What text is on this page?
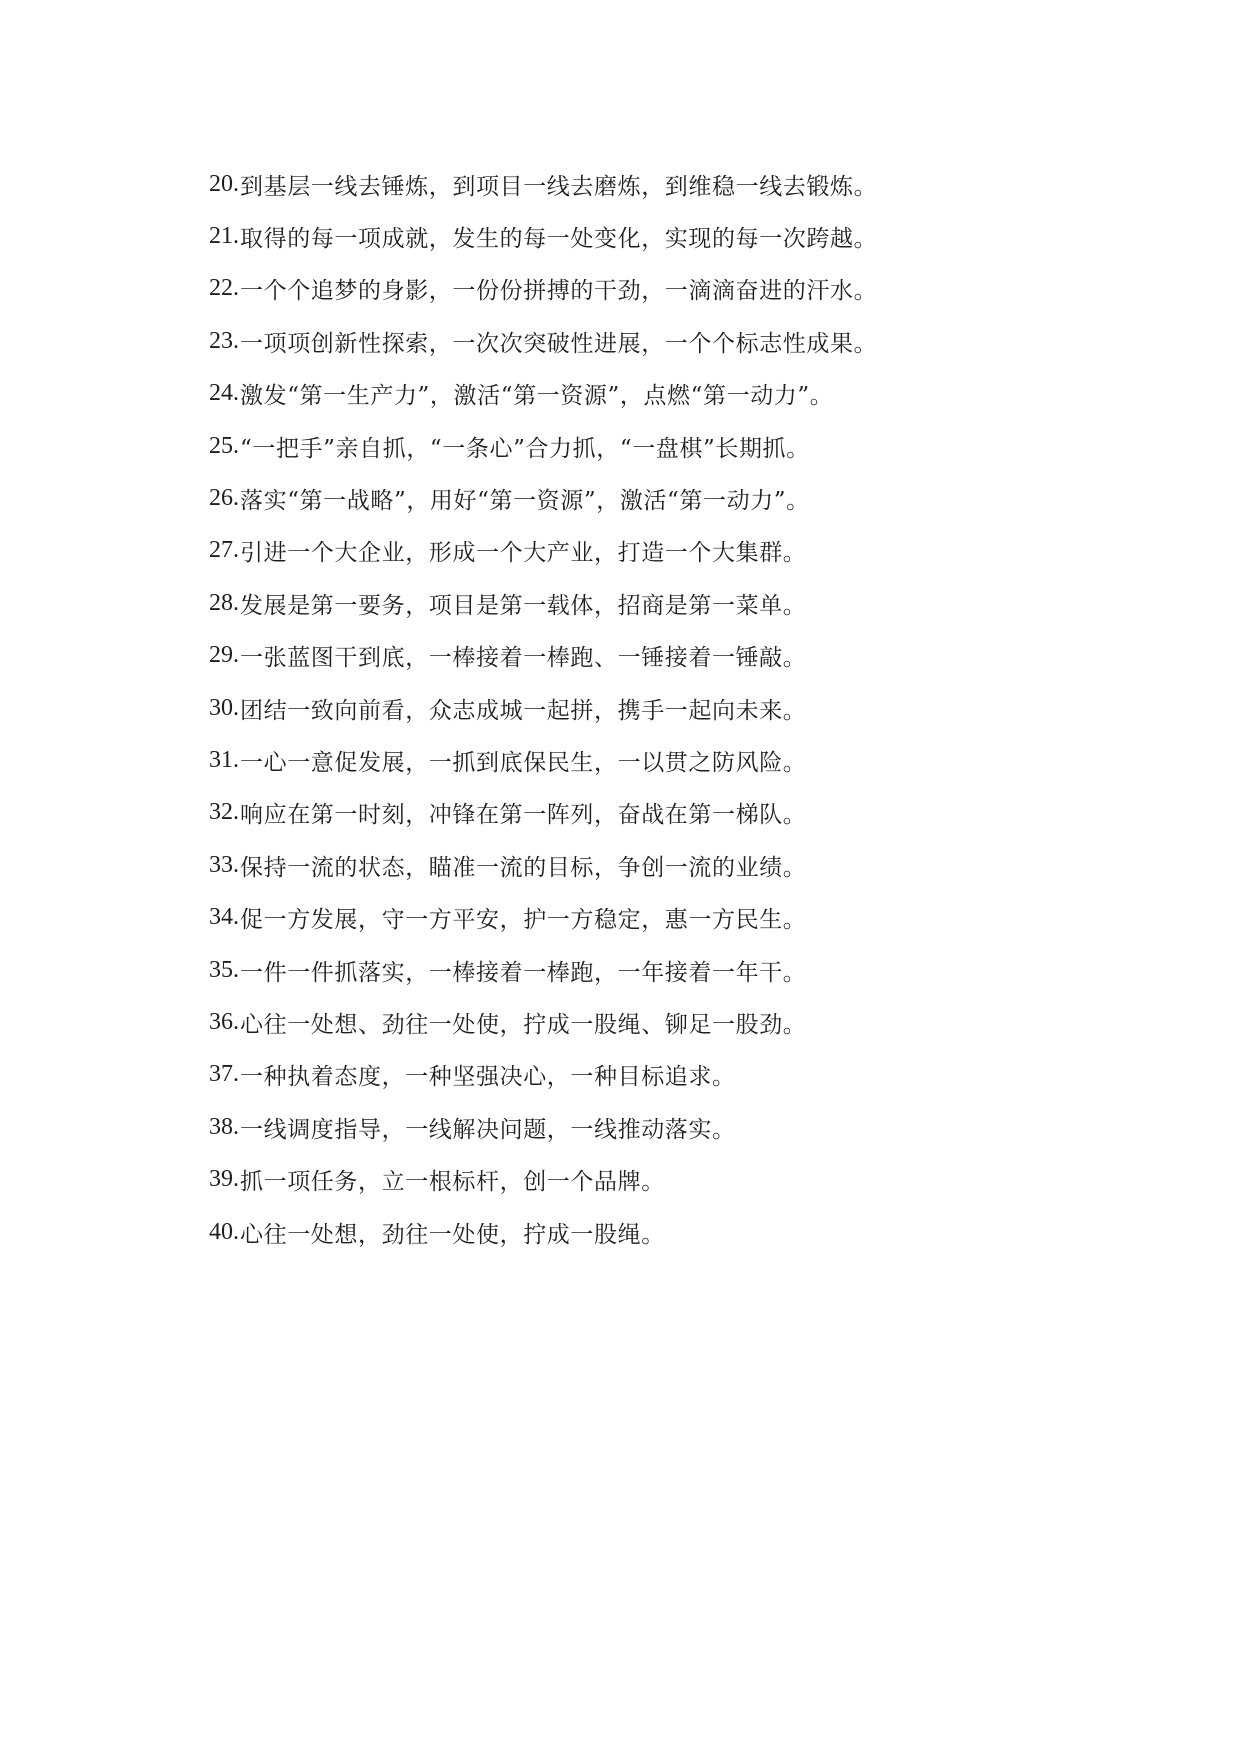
20. 到基层一线去锤炼，到项目一线去磨炼，到维稳一线去锻炼。
21. 取得的每一项成就，发生的每一处变化，实现的每一次跨越。
22. 一个个追梦的身影，一份份拼搏的干劲，一滴滴奋进的汗水。
23. 一项项创新性探索，一次次突破性进展，一个个标志性成果。
24. 激发“第一生产力”，激活“第一资源”，点燃“第一动力”。
25. “一把手”亲自抓，“一条心”合力抓，“一盘棋”长期抓。
26. 落实“第一战略”，用好“第一资源”，激活“第一动力”。
27. 引进一个大企业，形成一个大产业，打造一个大集群。
28. 发展是第一要务，项目是第一载体，招商是第一菜单。
29. 一张蓝图干到底，一棒接着一棒跑、一锤接着一锤敲。
30. 团结一致向前看，众志成城一起拼，携手一起向未来。
31. 一心一意促发展，一抓到底保民生，一以贯之防风险。
32. 响应在第一时刻，冲锋在第一阵列，奋战在第一梯队。
33. 保持一流的状态，瞄准一流的目标，争创一流的业绩。
34. 促一方发展，守一方平安，护一方稳定，惠一方民生。
35. 一件一件抓落实，一棒接着一棒跑，一年接着一年干。
36. 心往一处想、劲往一处使，拧成一股绳、铆足一股劲。
37. 一种执着态度，一种坚强决心，一种目标追求。
38. 一线调度指导，一线解决问题，一线推动落实。
39. 抓一项任务，立一根标杆，创一个品牌。
40. 心往一处想，劲往一处使，拧成一股绳。
